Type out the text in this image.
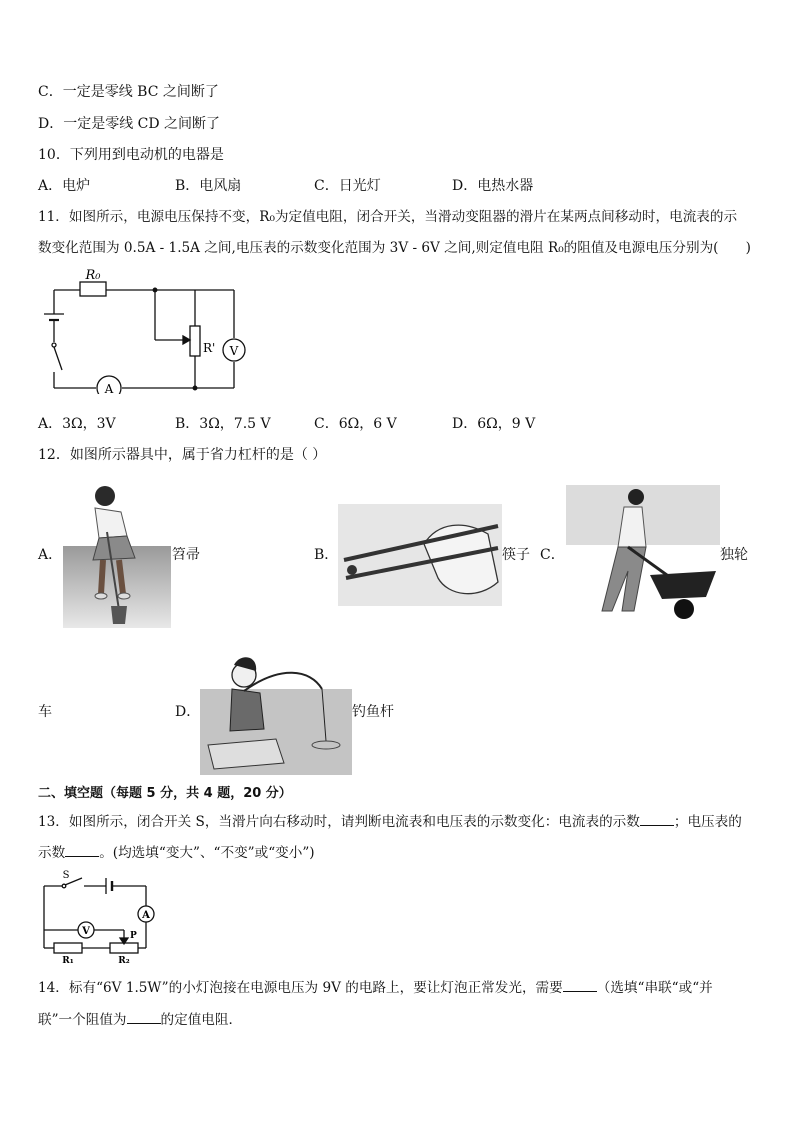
C．一定是零线 BC 之间断了
D．一定是零线 CD 之间断了
10．下列用到电动机的电器是
A．电炉	B．电风扇	C．日光灯	D．电热水器
11．如图所示，电源电压保持不变，R₀为定值电阻，闭合开关，当滑动变阻器的滑片在某两点间移动时，电流表的示
数变化范围为 0.5A - 1.5A 之间,电压表的示数变化范围为 3V - 6V 之间,则定值电阻 R₀的阻值及电源电压分别为(　　)
R₀
R' V
A
A．3Ω，3V	B．3Ω，7.5 V	C．6Ω，6 V	D．6Ω，9 V
12．如图所示器具中，属于省力杠杆的是（ ）
A．	笤帚	B．	筷子 C．	独轮
车	D．	钓鱼杆
二、填空题（每题 5 分，共 4 题，20 分）
13．如图所示，闭合开关 S，当滑片向右移动时，请判断电流表和电压表的示数变化：电流表的示数	；电压表的
示数	。(均选填“变大”、“不变”或“变小”)
S
V
A
P
R₁	R₂
14．标有“6V 1.5W”的小灯泡接在电源电压为 9V 的电路上，要让灯泡正常发光，需要	（选填“串联“或“并
联”一个阻值为	的定值电阻．
